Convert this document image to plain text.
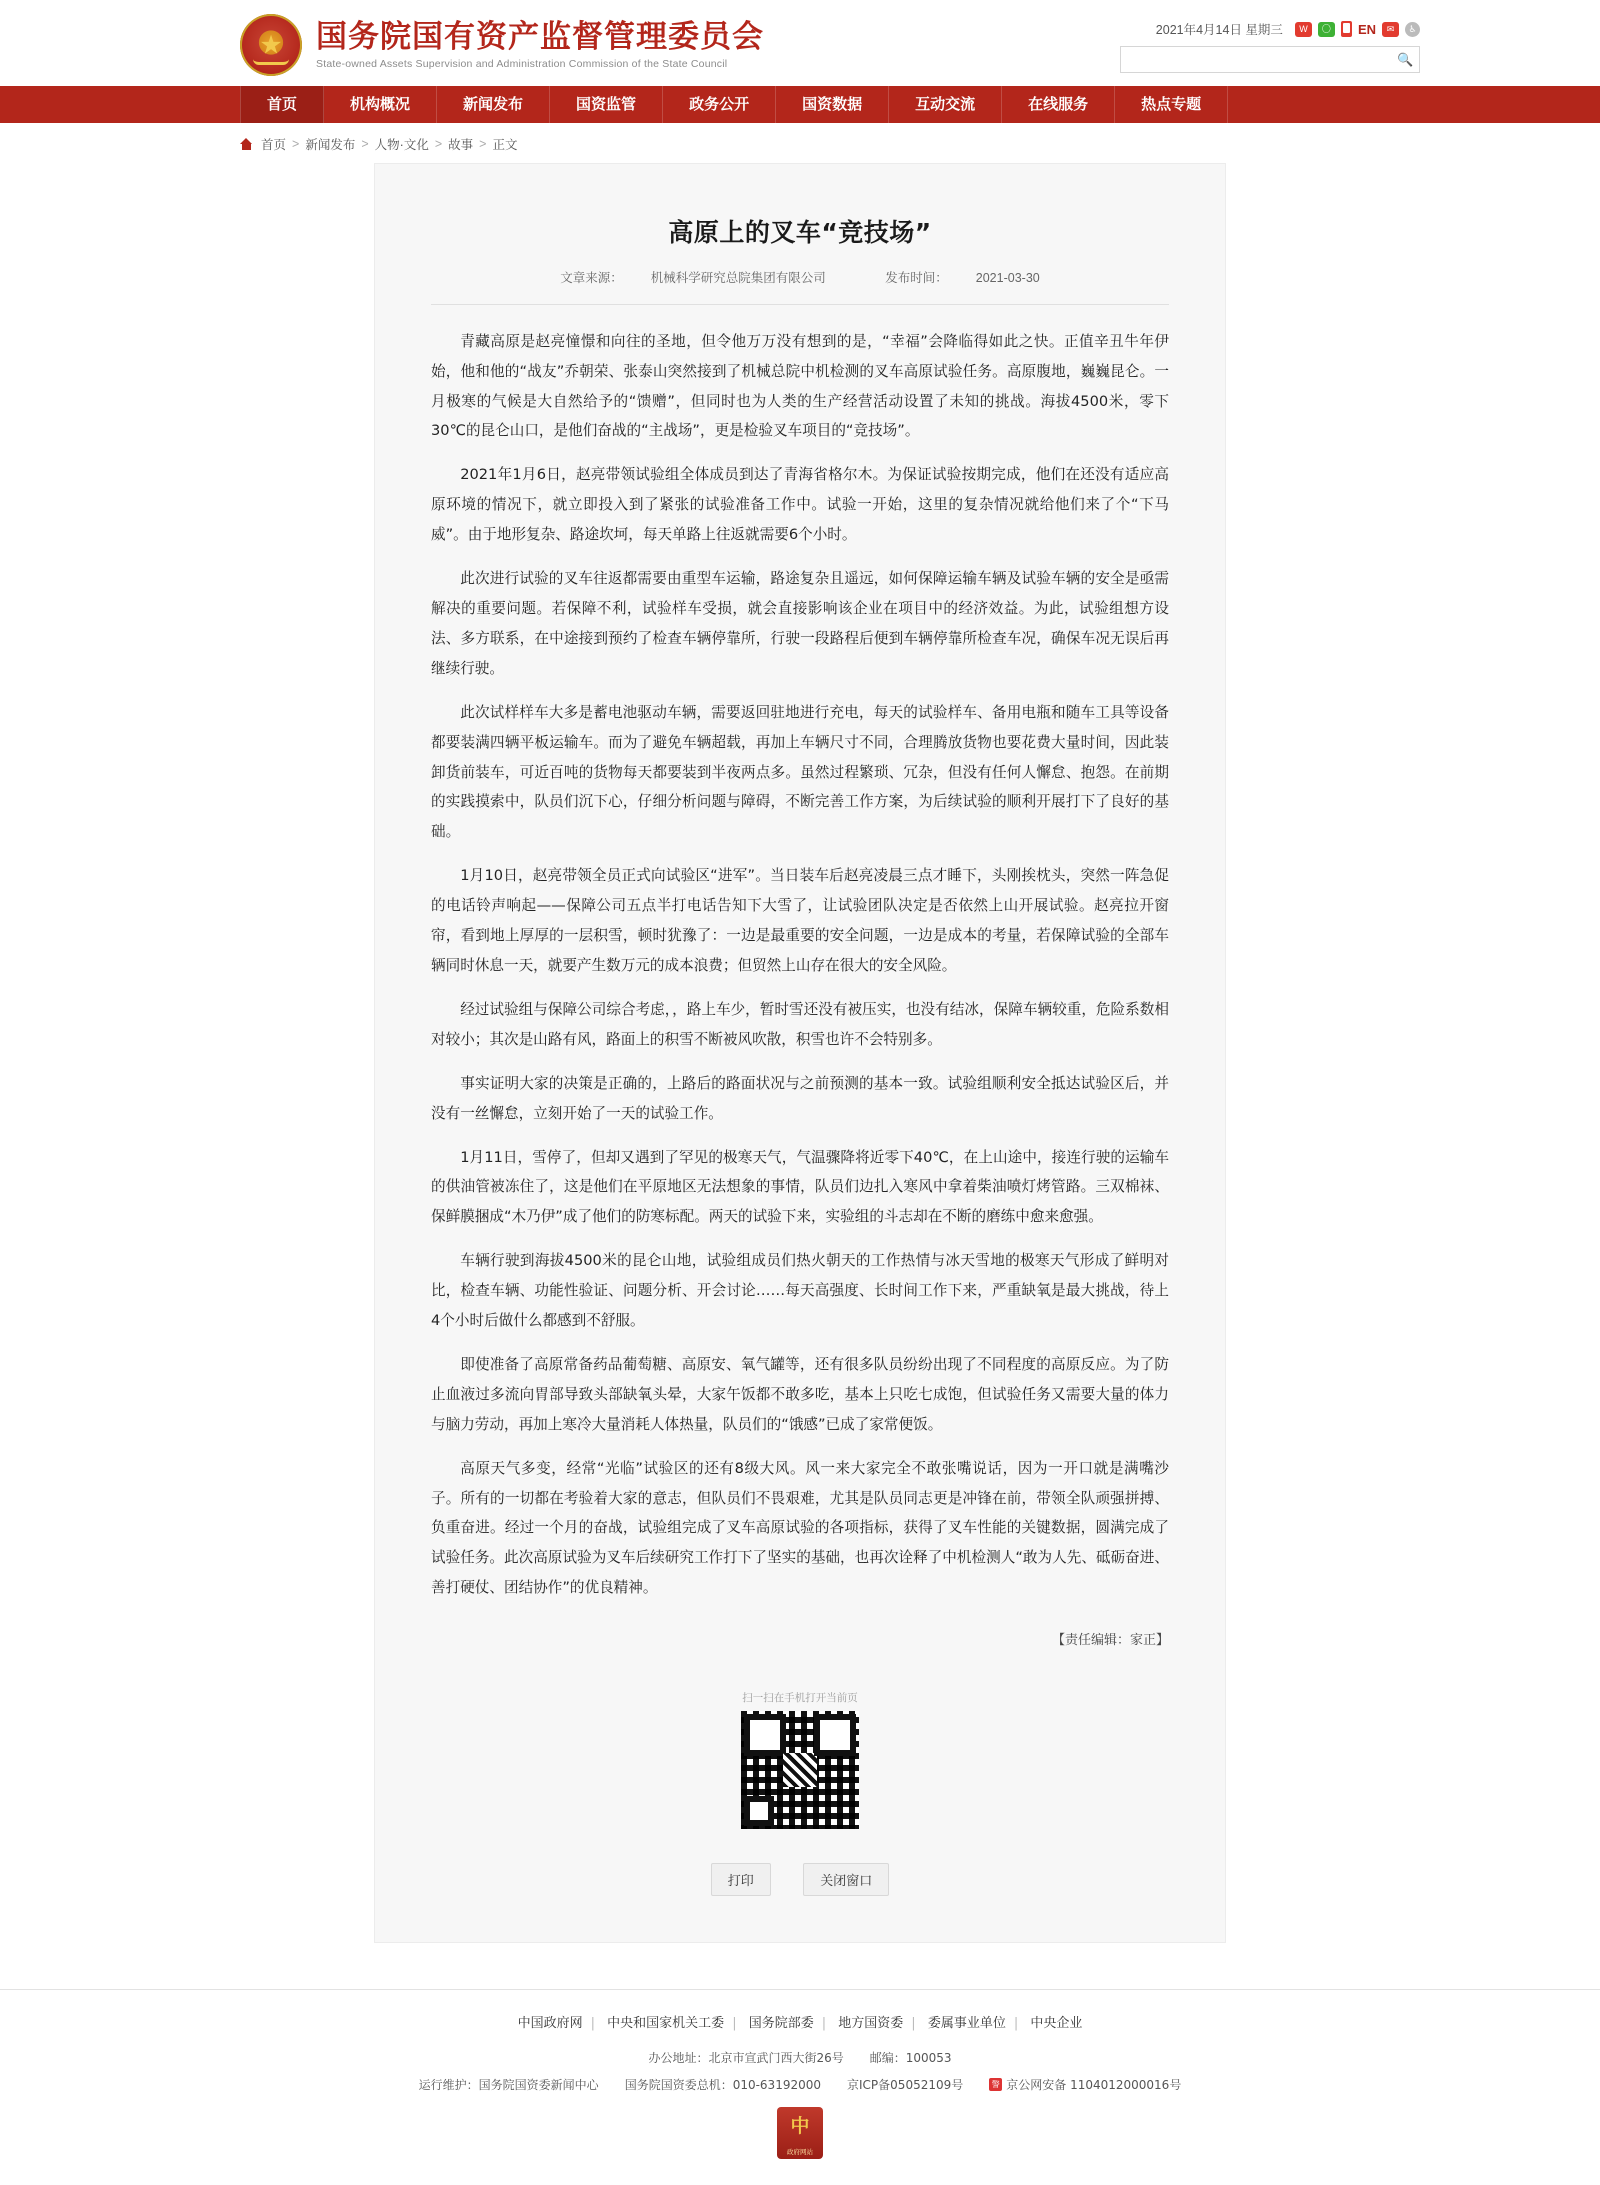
★
国务院国有资产监督管理委员会
State-owned Assets Supervision and Administration Commission of the State Council
2021年4月14日 星期三 W 〇	EN
✉
♿
🔍
首页	机构概况	新闻发布	国资监管	政务公开	国资数据	互动交流	在线服务	热点专题
首页 > 新闻发布 > 人物·文化 > 故事 > 正文
高原上的叉车“竞技场”
文章来源： 机械科学研究总院集团有限公司	发布时间： 2021-03-30

青藏高原是赵亮憧憬和向往的圣地，但令他万万没有想到的是，“幸福”会降临得如此之快。正值辛丑牛年伊始，他和他的“战友”乔朝荣、张泰山突然接到了机械总院中机检测的叉车高原试验任务。高原腹地，巍巍昆仑。一月极寒的气候是大自然给予的“馈赠”，但同时也为人类的生产经营活动设置了未知的挑战。海拔4500米，零下30℃的昆仑山口，是他们奋战的“主战场”，更是检验叉车项目的“竞技场”。

2021年1月6日，赵亮带领试验组全体成员到达了青海省格尔木。为保证试验按期完成，他们在还没有适应高原环境的情况下，就立即投入到了紧张的试验准备工作中。试验一开始，这里的复杂情况就给他们来了个“下马威”。由于地形复杂、路途坎坷，每天单路上往返就需要6个小时。

此次进行试验的叉车往返都需要由重型车运输，路途复杂且遥远，如何保障运输车辆及试验车辆的安全是亟需解决的重要问题。若保障不利，试验样车受损，就会直接影响该企业在项目中的经济效益。为此，试验组想方设法、多方联系，在中途接到预约了检查车辆停靠所，行驶一段路程后便到车辆停靠所检查车况，确保车况无误后再继续行驶。

此次试样样车大多是蓄电池驱动车辆，需要返回驻地进行充电，每天的试验样车、备用电瓶和随车工具等设备都要装满四辆平板运输车。而为了避免车辆超载，再加上车辆尺寸不同，合理腾放货物也要花费大量时间，因此装卸货前装车，可近百吨的货物每天都要装到半夜两点多。虽然过程繁琐、冗杂，但没有任何人懈怠、抱怨。在前期的实践摸索中，队员们沉下心，仔细分析问题与障碍，不断完善工作方案，为后续试验的顺利开展打下了良好的基础。

1月10日，赵亮带领全员正式向试验区“进军”。当日装车后赵亮凌晨三点才睡下，头刚挨枕头，突然一阵急促的电话铃声响起——保障公司五点半打电话告知下大雪了，让试验团队决定是否依然上山开展试验。赵亮拉开窗帘，看到地上厚厚的一层积雪，顿时犹豫了：一边是最重要的安全问题，一边是成本的考量，若保障试验的全部车辆同时休息一天，就要产生数万元的成本浪费；但贸然上山存在很大的安全风险。

经过试验组与保障公司综合考虑，，路上车少，暂时雪还没有被压实，也没有结冰，保障车辆较重，危险系数相对较小；其次是山路有风，路面上的积雪不断被风吹散，积雪也许不会特别多。

事实证明大家的决策是正确的，上路后的路面状况与之前预测的基本一致。试验组顺利安全抵达试验区后，并没有一丝懈怠，立刻开始了一天的试验工作。

1月11日，雪停了，但却又遇到了罕见的极寒天气，气温骤降将近零下40℃，在上山途中，接连行驶的运输车的供油管被冻住了，这是他们在平原地区无法想象的事情，队员们边扎入寒风中拿着柴油喷灯烤管路。三双棉袜、保鲜膜捆成“木乃伊”成了他们的防寒标配。两天的试验下来，实验组的斗志却在不断的磨练中愈来愈强。

车辆行驶到海拔4500米的昆仑山地，试验组成员们热火朝天的工作热情与冰天雪地的极寒天气形成了鲜明对比，检查车辆、功能性验证、问题分析、开会讨论……每天高强度、长时间工作下来，严重缺氧是最大挑战，待上4个小时后做什么都感到不舒服。

即使准备了高原常备药品葡萄糖、高原安、氧气罐等，还有很多队员纷纷出现了不同程度的高原反应。为了防止血液过多流向胃部导致头部缺氧头晕，大家午饭都不敢多吃，基本上只吃七成饱，但试验任务又需要大量的体力与脑力劳动，再加上寒冷大量消耗人体热量，队员们的“饿感”已成了家常便饭。

高原天气多变，经常“光临”试验区的还有8级大风。风一来大家完全不敢张嘴说话，因为一开口就是满嘴沙子。所有的一切都在考验着大家的意志，但队员们不畏艰难，尤其是队员同志更是冲锋在前，带领全队顽强拼搏、负重奋进。经过一个月的奋战，试验组完成了叉车高原试验的各项指标，获得了叉车性能的关键数据，圆满完成了试验任务。此次高原试验为叉车后续研究工作打下了坚实的基础，也再次诠释了中机检测人“敢为人先、砥砺奋进、善打硬仗、团结协作”的优良精神。

【责任编辑：家正】
扫一扫在手机打开当前页
打印	关闭窗口
中国政府网 | 中央和国家机关工委 | 国务院部委 | 地方国资委 | 委属事业单位 | 中央企业
办公地址：北京市宣武门西大街26号 邮编：100053
运行维护：国务院国资委新闻中心 国务院国资委总机：010-63192000 京ICP备05052109号 警	京公网安备 1104012000016号
中
政府网站
